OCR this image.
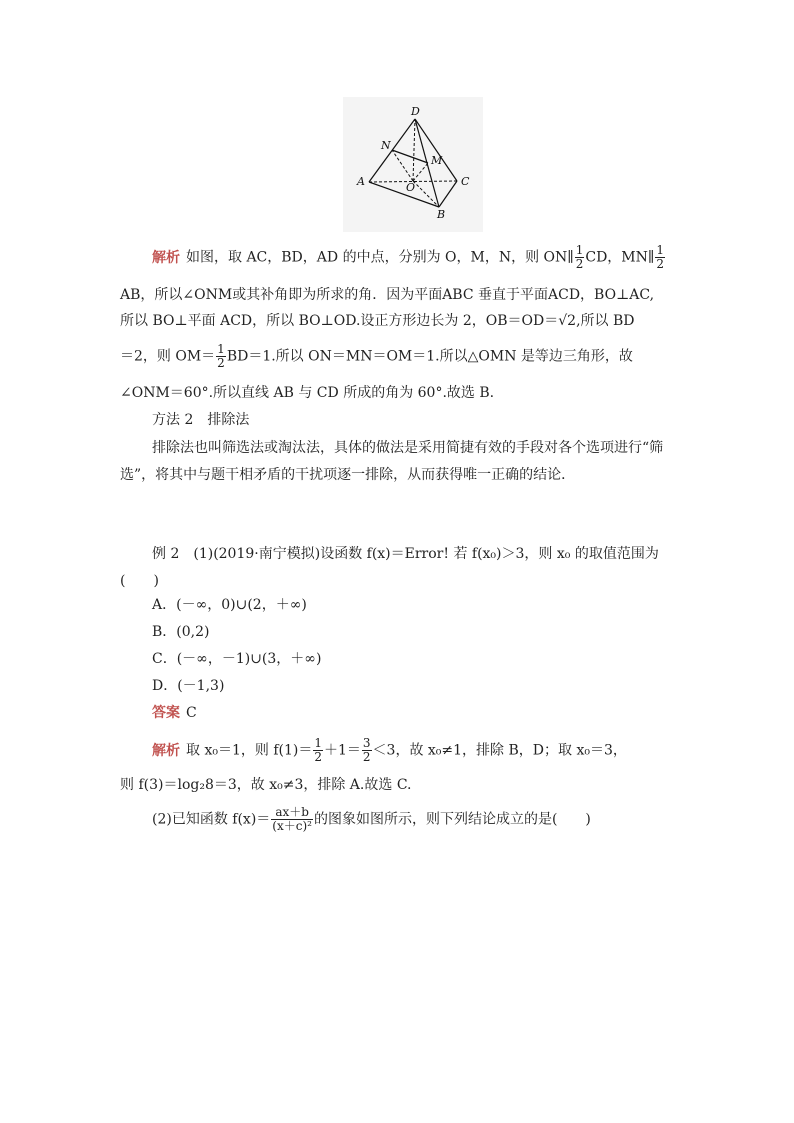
D
N
M
A	O	C
B
解析 如图，取 AC，BD，AD 的中点，分别为 O，M，N，则 ON∥ $\frac{1}{2}$ CD，MN∥ $\frac{1}{2}$
AB，所以∠ONM或其补角即为所求的角．因为平面ABC 垂直于平面ACD，BO⊥AC,
所以 BO⊥平面 ACD，所以 BO⊥OD.设正方形边长为 2，OB＝OD＝√2,所以 BD
＝2，则 $OM= \frac{1}{2} BD=1$.所以 ON＝MN＝OM＝1.所以△OMN 是等边三角形，故
∠ONM＝60°.所以直线 AB 与 CD 所成的角为 60°.故选 B.
方法 2　排除法
排除法也叫筛选法或淘汰法，具体的做法是采用简捷有效的手段对各个选项进行“筛选”，将其中与题干相矛盾的干扰项逐一排除，从而获得唯一正确的结论．
例 2　(1)(2019·南宁模拟)设函数 f(x)＝Error! 若 f(x₀)＞3，则 x₀ 的取值范围为 (　　)
A．(－∞，0)∪(2，＋∞)
B．(0,2)
C．(－∞，－1)∪(3，＋∞)
D．(－1,3)
答案 C
解析 取 x₀＝1，则 $f(1)= \frac{1}{2} +1= \frac{3}{2} <3$，故 x₀≠1，排除 B，D；取 x₀＝3，
则 f(3)＝log₂8＝3，故 x₀≠3，排除 A.故选 C.
(2)已知函数 $f(x)= \frac{ax+b}{\text{(x＋c)²}}$ 的图象如图所示，则下列结论成立的是(　　)
